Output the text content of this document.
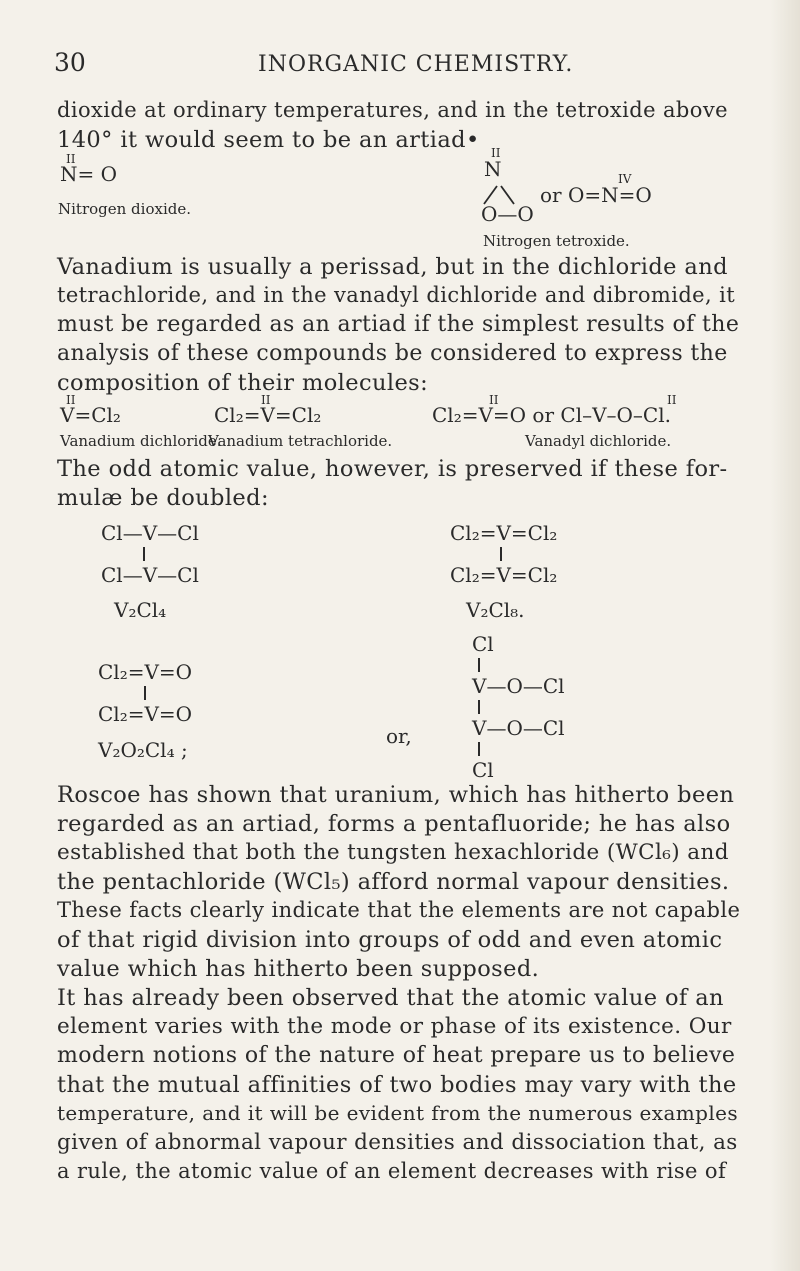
30	INORGANIC CHEMISTRY.
dioxide at ordinary temperatures, and in the tetroxide above
140° it would seem to be an artiad•
II
N= O
Nitrogen dioxide.
II
N
O—O
IV
or O=N=O
Nitrogen tetroxide.
Vanadium is usually a perissad, but in the dichloride and
tetrachloride, and in the vanadyl dichloride and dibromide, it
must be regarded as an artiad if the simplest results of the
analysis of these compounds be considered to express the
composition of their molecules:
II
V=Cl₂
Vanadium dichloride.
II
Cl₂=V=Cl₂
Vanadium tetrachloride.
II	II
Cl₂=V=O or Cl–V–O–Cl.
Vanadyl dichloride.
The odd atomic value, however, is preserved if these for-
mulæ be doubled:
Cl—V—Cl
Cl—V—Cl
V₂Cl₄
Cl₂=V=Cl₂
Cl₂=V=Cl₂
V₂Cl₈.
Cl₂=V=O
Cl₂=V=O
V₂O₂Cl₄ ;
or,
Cl
V—O—Cl
V—O—Cl
Cl
Roscoe has shown that uranium, which has hitherto been
regarded as an artiad, forms a pentafluoride; he has also
established that both the tungsten hexachloride (WCl₆) and
the pentachloride (WCl₅) afford normal vapour densities.
These facts clearly indicate that the elements are not capable
of that rigid division into groups of odd and even atomic
value which has hitherto been supposed.
It has already been observed that the atomic value of an
element varies with the mode or phase of its existence. Our
modern notions of the nature of heat prepare us to believe
that the mutual affinities of two bodies may vary with the
temperature, and it will be evident from the numerous examples
given of abnormal vapour densities and dissociation that, as
a rule, the atomic value of an element decreases with rise of
